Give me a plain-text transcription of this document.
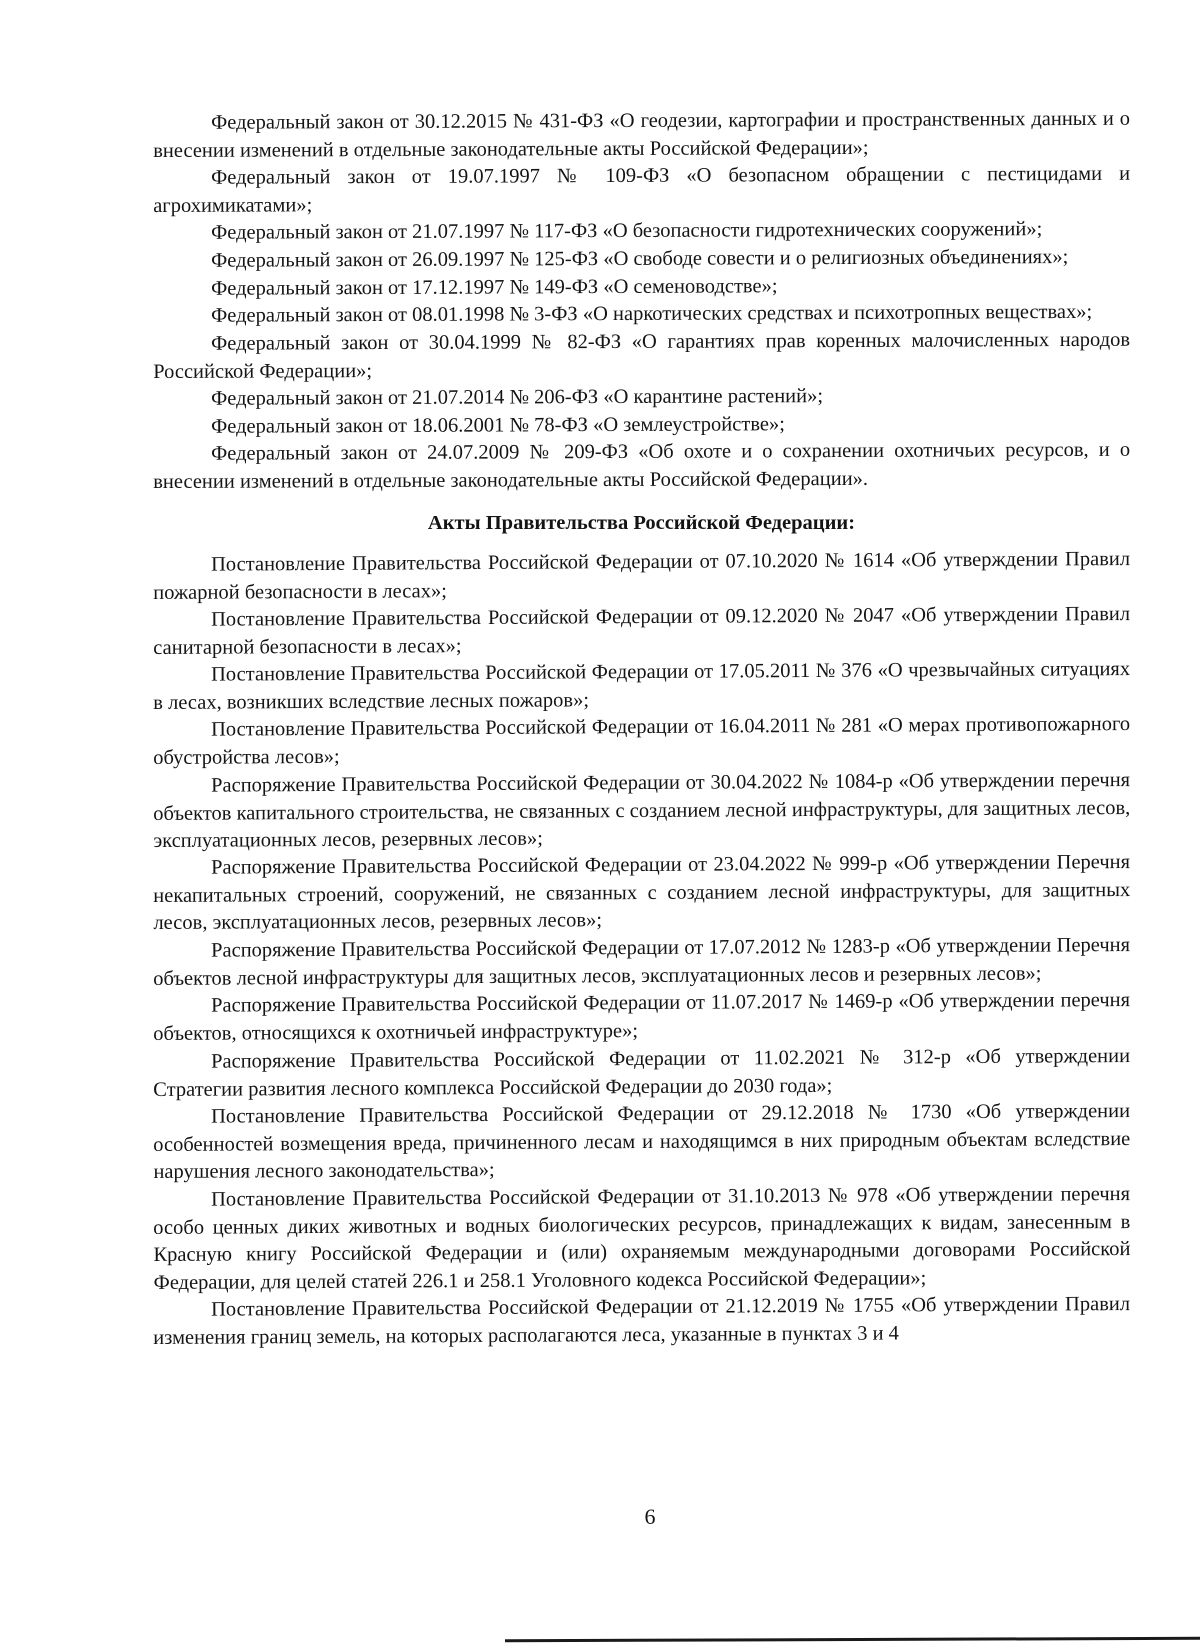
Федеральный закон от 30.12.2015 № 431-ФЗ «О геодезии, картографии и пространственных данных и о внесении изменений в отдельные законодательные акты Российской Федерации»;

Федеральный закон от 19.07.1997 № 109-ФЗ «О безопасном обращении с пестицидами и агрохимикатами»;

Федеральный закон от 21.07.1997 № 117-ФЗ «О безопасности гидротехнических сооружений»;

Федеральный закон от 26.09.1997 № 125-ФЗ «О свободе совести и о религиозных объединениях»;

Федеральный закон от 17.12.1997 № 149-ФЗ «О семеноводстве»;

Федеральный закон от 08.01.1998 № 3-ФЗ «О наркотических средствах и психотропных веществах»;

Федеральный закон от 30.04.1999 № 82-ФЗ «О гарантиях прав коренных малочисленных народов Российской Федерации»;

Федеральный закон от 21.07.2014 № 206-ФЗ «О карантине растений»;

Федеральный закон от 18.06.2001 № 78-ФЗ «О землеустройстве»;

Федеральный закон от 24.07.2009 № 209-ФЗ «Об охоте и о сохранении охотничьих ресурсов, и о внесении изменений в отдельные законодательные акты Российской Федерации».

Акты Правительства Российской Федерации:

Постановление Правительства Российской Федерации от 07.10.2020 № 1614 «Об утверждении Правил пожарной безопасности в лесах»;

Постановление Правительства Российской Федерации от 09.12.2020 № 2047 «Об утверждении Правил санитарной безопасности в лесах»;

Постановление Правительства Российской Федерации от 17.05.2011 № 376 «О чрезвычайных ситуациях в лесах, возникших вследствие лесных пожаров»;

Постановление Правительства Российской Федерации от 16.04.2011 № 281 «О мерах противопожарного обустройства лесов»;

Распоряжение Правительства Российской Федерации от 30.04.2022 № 1084-р «Об утверждении перечня объектов капитального строительства, не связанных с созданием лесной инфраструктуры, для защитных лесов, эксплуатационных лесов, резервных лесов»;

Распоряжение Правительства Российской Федерации от 23.04.2022 № 999-р «Об утверждении Перечня некапитальных строений, сооружений, не связанных с созданием лесной инфраструктуры, для защитных лесов, эксплуатационных лесов, резервных лесов»;

Распоряжение Правительства Российской Федерации от 17.07.2012 № 1283-р «Об утверждении Перечня объектов лесной инфраструктуры для защитных лесов, эксплуатационных лесов и резервных лесов»;

Распоряжение Правительства Российской Федерации от 11.07.2017 № 1469-р «Об утверждении перечня объектов, относящихся к охотничьей инфраструктуре»;

Распоряжение Правительства Российской Федерации от 11.02.2021 № 312-р «Об утверждении Стратегии развития лесного комплекса Российской Федерации до 2030 года»;

Постановление Правительства Российской Федерации от 29.12.2018 № 1730 «Об утверждении особенностей возмещения вреда, причиненного лесам и находящимся в них природным объектам вследствие нарушения лесного законодательства»;

Постановление Правительства Российской Федерации от 31.10.2013 № 978 «Об утверждении перечня особо ценных диких животных и водных биологических ресурсов, принадлежащих к видам, занесенным в Красную книгу Российской Федерации и (или) охраняемым международными договорами Российской Федерации, для целей статей 226.1 и 258.1 Уголовного кодекса Российской Федерации»;

Постановление Правительства Российской Федерации от 21.12.2019 № 1755 «Об утверждении Правил изменения границ земель, на которых располагаются леса, указанные в пунктах 3 и 4

6
